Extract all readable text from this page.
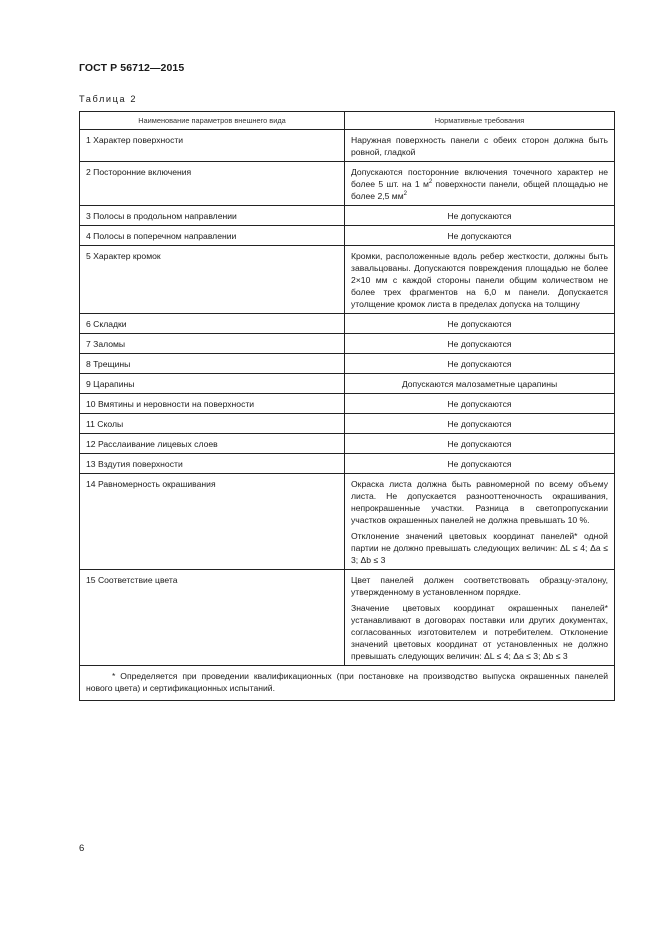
ГОСТ Р 56712—2015
Таблица 2
Наименование параметров внешнего вида	Нормативные требования
1 Характер поверхности	Наружная поверхность панели с обеих сторон должна быть ровной, гладкой

2 Посторонние включения	Допускаются посторонние включения точечного характер не более 5 шт. на 1 $м^2$ поверхности панели, общей площадью не более 2,5 $мм^2$

3 Полосы в продольном направлении	Не допускаются

4 Полосы в поперечном направлении	Не допускаются

5 Характер кромок	Кромки, расположенные вдоль ребер жесткости, должны быть завальцованы. Допускаются повреждения площадью не более 2×10 мм с каждой стороны панели общим количеством не более трех фрагментов на 6,0 м панели. Допускается утолщение кромок листа в пределах допуска на толщину

6 Складки	Не допускаются

7 Заломы	Не допускаются

8 Трещины	Не допускаются

9 Царапины	Допускаются малозаметные царапины

10 Вмятины и неровности на поверхности	Не допускаются

11 Сколы	Не допускаются

12 Расслаивание лицевых слоев	Не допускаются

13 Вздутия поверхности	Не допускаются

14 Равномерность окрашивания	Окраска листа должна быть равномерной по всему объему листа. Не допускается разнооттеночность окрашивания, непрокрашенные участки. Разница в светопропускании участков окрашенных панелей не должна превышать 10 %.
Отклонение значений цветовых координат панелей* одной партии не должно превышать следующих величин: ΔL ≤ 4; Δa ≤ 3; Δb ≤ 3

15 Соответствие цвета	Цвет панелей должен соответствовать образцу-эталону, утвержденному в установленном порядке.
Значение цветовых координат окрашенных панелей* устанавливают в договорах поставки или других документах, согласованных изготовителем и потребителем. Отклонение значений цветовых координат от установленных не должно превышать следующих величин: ΔL ≤ 4; Δa ≤ 3; Δb ≤ 3

* Определяется при проведении квалификационных (при постановке на производство выпуска окрашенных панелей нового цвета) и сертификационных испытаний.	
6
